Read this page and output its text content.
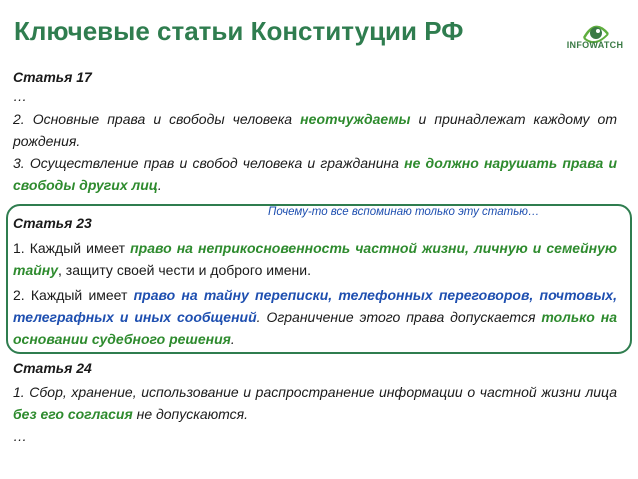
Ключевые статьи Конституции РФ	INFOWATCH

Статья 17

…

2. Основные права и свободы человека неотчуждаемы и принадлежат каждому от рождения.

3. Осуществление прав и свобод человека и гражданина не должно нарушать права и свободы других лиц.

Почему-то все вспоминаю только эту статью…

Статья 23

1. Каждый имеет право на неприкосновенность частной жизни, личную и семейную тайну, защиту своей чести и доброго имени.

2. Каждый имеет право на тайну переписки, телефонных переговоров, почтовых, телеграфных и иных сообщений. Ограничение этого права допускается только на основании судебного решения.

Статья 24

1. Сбор, хранение, использование и распространение информации о частной жизни лица без его согласия не допускаются.

…
